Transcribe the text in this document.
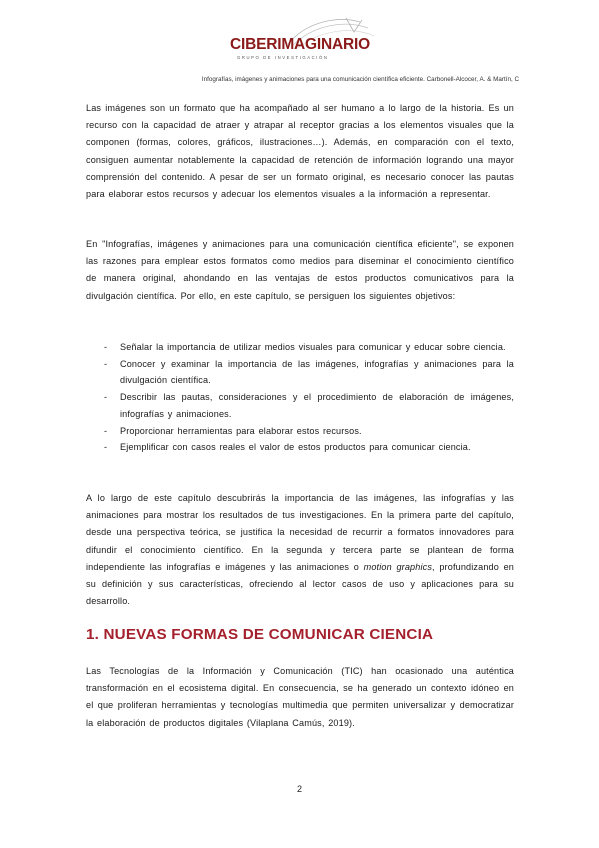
CIBERIMAGINARIO
GRUPO DE INVESTIGACIÓN
Infografías, imágenes y animaciones para una comunicación científica eficiente. Carbonell-Alcocer, A. & Martín, C

Las imágenes son un formato que ha acompañado al ser humano a lo largo de la historia. Es un recurso con la capacidad de atraer y atrapar al receptor gracias a los elementos visuales que la componen (formas, colores, gráficos, ilustraciones…). Además, en comparación con el texto, consiguen aumentar notablemente la capacidad de retención de información logrando una mayor comprensión del contenido. A pesar de ser un formato original, es necesario conocer las pautas para elaborar estos recursos y adecuar los elementos visuales a la información a representar.

En "Infografías, imágenes y animaciones para una comunicación científica eficiente", se exponen las razones para emplear estos formatos como medios para diseminar el conocimiento científico de manera original, ahondando en las ventajas de estos productos comunicativos para la divulgación científica. Por ello, en este capítulo, se persiguen los siguientes objetivos:

- Señalar la importancia de utilizar medios visuales para comunicar y educar sobre ciencia.
- Conocer y examinar la importancia de las imágenes, infografías y animaciones para la divulgación científica.
- Describir las pautas, consideraciones y el procedimiento de elaboración de imágenes, infografías y animaciones.
- Proporcionar herramientas para elaborar estos recursos.
- Ejemplificar con casos reales el valor de estos productos para comunicar ciencia.

A lo largo de este capítulo descubrirás la importancia de las imágenes, las infografías y las animaciones para mostrar los resultados de tus investigaciones. En la primera parte del capítulo, desde una perspectiva teórica, se justifica la necesidad de recurrir a formatos innovadores para difundir el conocimiento científico. En la segunda y tercera parte se plantean de forma independiente las infografías e imágenes y las animaciones o motion graphics, profundizando en su definición y sus características, ofreciendo al lector casos de uso y aplicaciones para su desarrollo.

1. NUEVAS FORMAS DE COMUNICAR CIENCIA

Las Tecnologías de la Información y Comunicación (TIC) han ocasionado una auténtica transformación en el ecosistema digital. En consecuencia, se ha generado un contexto idóneo en el que proliferan herramientas y tecnologías multimedia que permiten universalizar y democratizar la elaboración de productos digitales (Vilaplana Camús, 2019).

2
